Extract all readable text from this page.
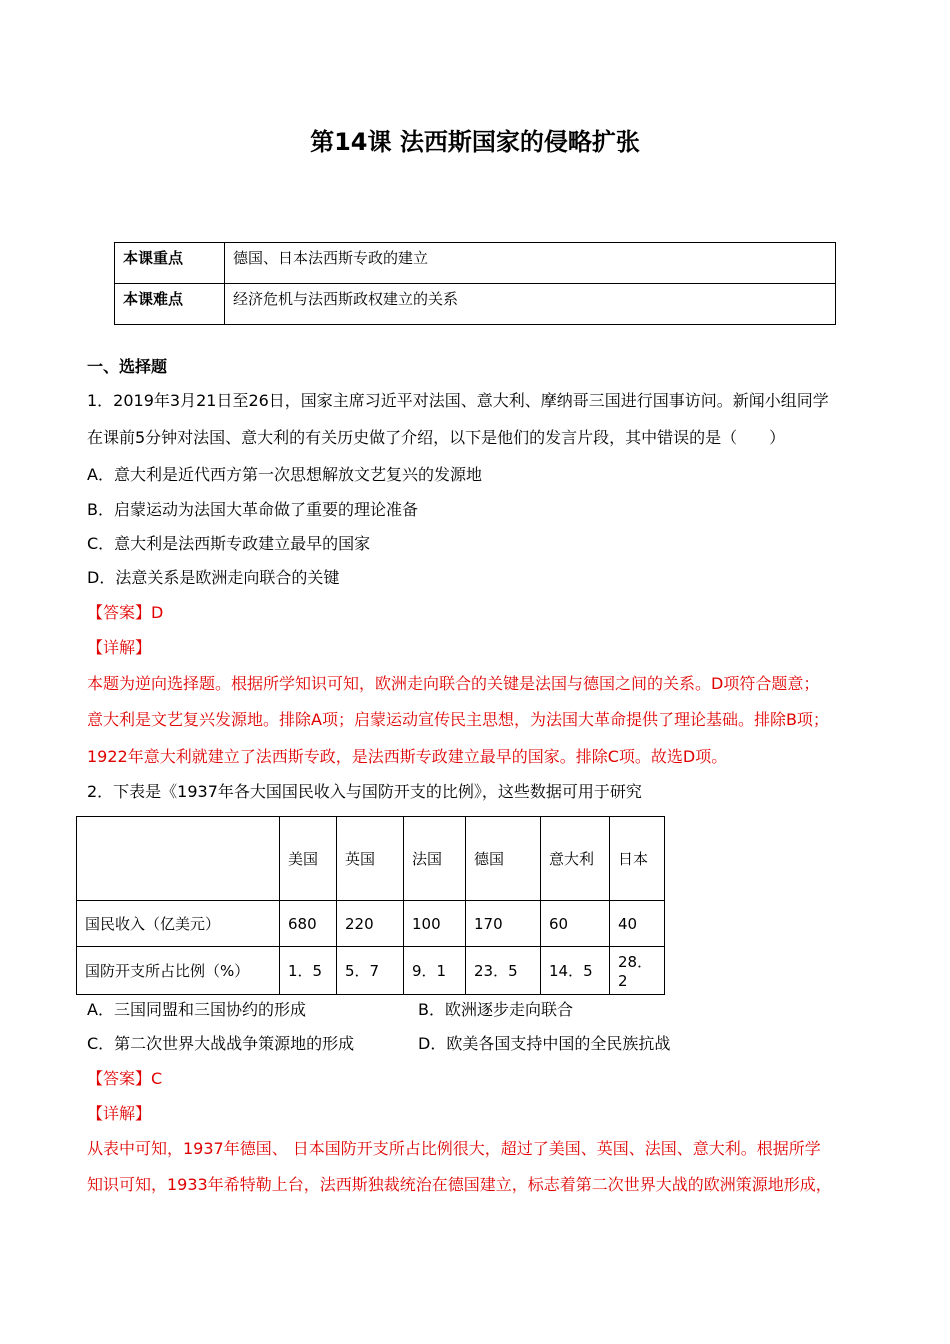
第14课 法西斯国家的侵略扩张
本课重点	德国、日本法西斯专政的建立
本课难点	经济危机与法西斯政权建立的关系
一、选择题
1．2019年3月21日至26日，国家主席习近平对法国、意大利、摩纳哥三国进行国事访问。新闻小组同学
在课前5分钟对法国、意大利的有关历史做了介绍，以下是他们的发言片段，其中错误的是（　　）
A．意大利是近代西方第一次思想解放文艺复兴的发源地
B．启蒙运动为法国大革命做了重要的理论准备
C．意大利是法西斯专政建立最早的国家
D．法意关系是欧洲走向联合的关键
【答案】D
【详解】
本题为逆向选择题。根据所学知识可知，欧洲走向联合的关键是法国与德国之间的关系。D项符合题意；
意大利是文艺复兴发源地。排除A项；启蒙运动宣传民主思想，为法国大革命提供了理论基础。排除B项；
1922年意大利就建立了法西斯专政，是法西斯专政建立最早的国家。排除C项。故选D项。
2．下表是《1937年各大国国民收入与国防开支的比例》，这些数据可用于研究
	美国	英国	法国	德国	意大利	日本
国民收入（亿美元）	680	220	100	170	60	40
国防开支所占比例（%）	1．5	5．7	9．1	23．5	14．5	28．2
A．三国同盟和三国协约的形成	B．欧洲逐步走向联合
C．第二次世界大战战争策源地的形成	D．欧美各国支持中国的全民族抗战
【答案】C
【详解】
从表中可知，1937年德国、 日本国防开支所占比例很大，超过了美国、英国、法国、意大利。根据所学
知识可知，1933年希特勒上台，法西斯独裁统治在德国建立，标志着第二次世界大战的欧洲策源地形成，
